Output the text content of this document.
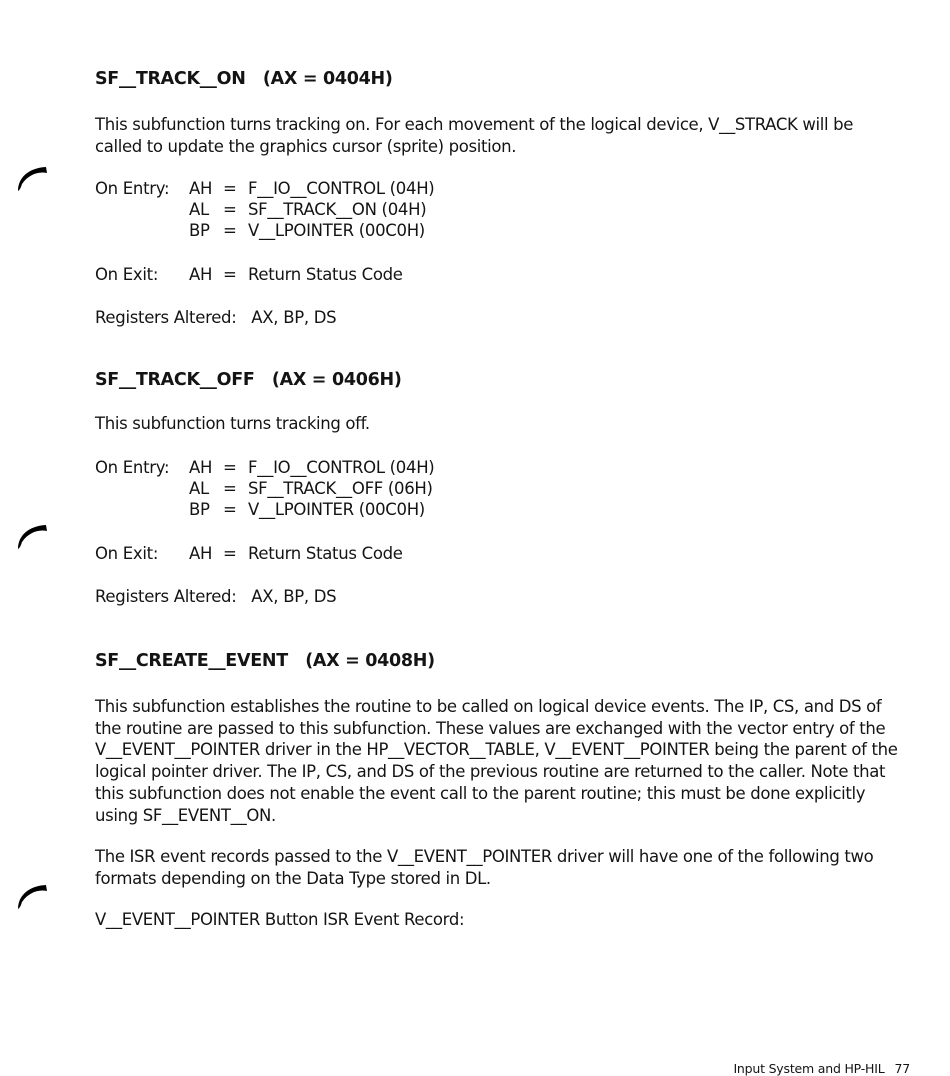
SF__TRACK__ON   (AX = 0404H)

This subfunction turns tracking on. For each movement of the logical device, V__STRACK will be called to update the graphics cursor (sprite) position.

On Entry: AH = F__IO__CONTROL (04H)
AL = SF__TRACK__ON (04H)
BP = V__LPOINTER (00C0H)
On Exit: AH = Return Status Code
Registers Altered:   AX, BP, DS
SF__TRACK__OFF   (AX = 0406H)

This subfunction turns tracking off.

On Entry: AH = F__IO__CONTROL (04H)
AL = SF__TRACK__OFF (06H)
BP = V__LPOINTER (00C0H)
On Exit: AH = Return Status Code
Registers Altered:   AX, BP, DS
SF__CREATE__EVENT   (AX = 0408H)

This subfunction establishes the routine to be called on logical device events. The IP, CS, and DS of the routine are passed to this subfunction. These values are exchanged with the vector entry of the V__EVENT__POINTER driver in the HP__VECTOR__TABLE, V__EVENT__POINTER being the parent of the logical pointer driver. The IP, CS, and DS of the previous routine are returned to the caller. Note that this subfunction does not enable the event call to the parent routine; this must be done explicitly using SF__EVENT__ON.

The ISR event records passed to the V__EVENT__POINTER driver will have one of the following two formats depending on the Data Type stored in DL.

V__EVENT__POINTER Button ISR Event Record:

Input System and HP-HIL 77
